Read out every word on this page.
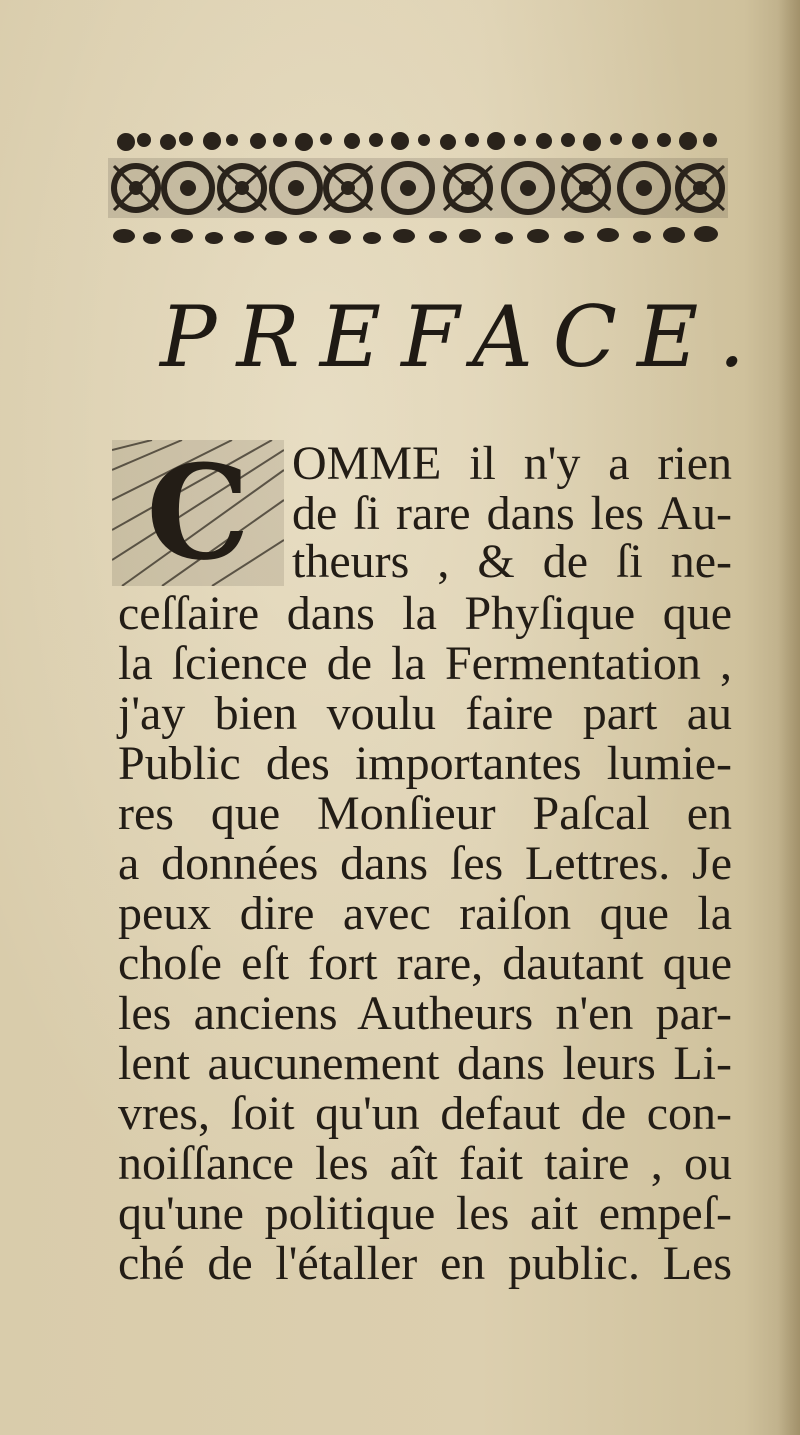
PREFACE.
C OMME il n'y a rien

de ſi rare dans les Au-

theurs , & de ſi ne-

ceſſaire dans la Phyſique que

la ſcience de la Fermentation ,

j'ay bien voulu faire part au

Public des importantes lumie-

res que Monſieur Paſcal en

a données dans ſes Lettres. Je

peux dire avec raiſon que la

choſe eſt fort rare, dautant que

les anciens Autheurs n'en par-

lent aucunement dans leurs Li-

vres, ſoit qu'un defaut de con-

noiſſance les aît fait taire , ou

qu'une politique les ait empeſ-

ché de l'étaller en public. Les
